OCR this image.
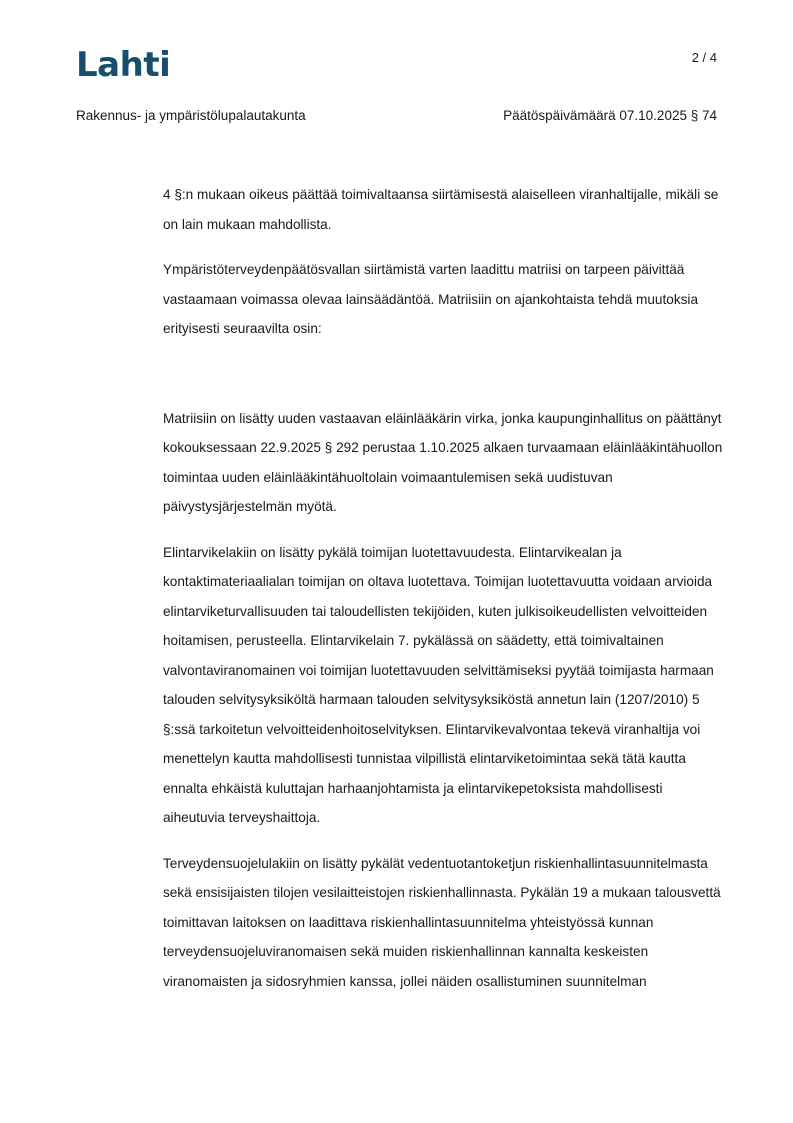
Lahti	2 / 4
Rakennus- ja ympäristölupalautakunta	Päätöspäivämäärä 07.10.2025 § 74

4 §:n mukaan oikeus päättää toimivaltaansa siirtämisestä alaiselleen viranhaltijalle, mikäli se on lain mukaan mahdollista.

Ympäristöterveydenpäätösvallan siirtämistä varten laadittu matriisi on tarpeen päivittää vastaamaan voimassa olevaa lainsäädäntöä. Matriisiin on ajankohtaista tehdä muutoksia erityisesti seuraavilta osin:

Matriisiin on lisätty uuden vastaavan eläinlääkärin virka, jonka kaupunginhallitus on päättänyt kokouksessaan 22.9.2025 § 292 perustaa 1.10.2025 alkaen turvaamaan eläinlääkintähuollon toimintaa uuden eläinlääkintähuoltolain voimaantulemisen sekä uudistuvan päivystysjärjestelmän myötä.

Elintarvikelakiin on lisätty pykälä toimijan luotettavuudesta. Elintarvikealan ja kontaktimateriaalialan toimijan on oltava luotettava. Toimijan luotettavuutta voidaan arvioida elintarviketurvallisuuden tai taloudellisten tekijöiden, kuten julkisoikeudellisten velvoitteiden hoitamisen, perusteella. Elintarvikelain 7. pykälässä on säädetty, että toimivaltainen valvontaviranomainen voi toimijan luotettavuuden selvittämiseksi pyytää toimijasta harmaan talouden selvitysyksiköltä harmaan talouden selvitysyksiköstä annetun lain (1207/2010) 5 §:ssä tarkoitetun velvoitteidenhoitoselvityksen. Elintarvikevalvontaa tekevä viranhaltija voi menettelyn kautta mahdollisesti tunnistaa vilpillistä elintarviketoimintaa sekä tätä kautta ennalta ehkäistä kuluttajan harhaanjohtamista ja elintarvikepetoksista mahdollisesti aiheutuvia terveyshaittoja.

Terveydensuojelulakiin on lisätty pykälät vedentuotantoketjun riskienhallintasuunnitelmasta sekä ensisijaisten tilojen vesilaitteistojen riskienhallinnasta. Pykälän 19 a mukaan talousvettä toimittavan laitoksen on laadittava riskienhallintasuunnitelma yhteistyössä kunnan terveydensuojeluviranomaisen sekä muiden riskienhallinnan kannalta keskeisten viranomaisten ja sidosryhmien kanssa, jollei näiden osallistuminen suunnitelman
